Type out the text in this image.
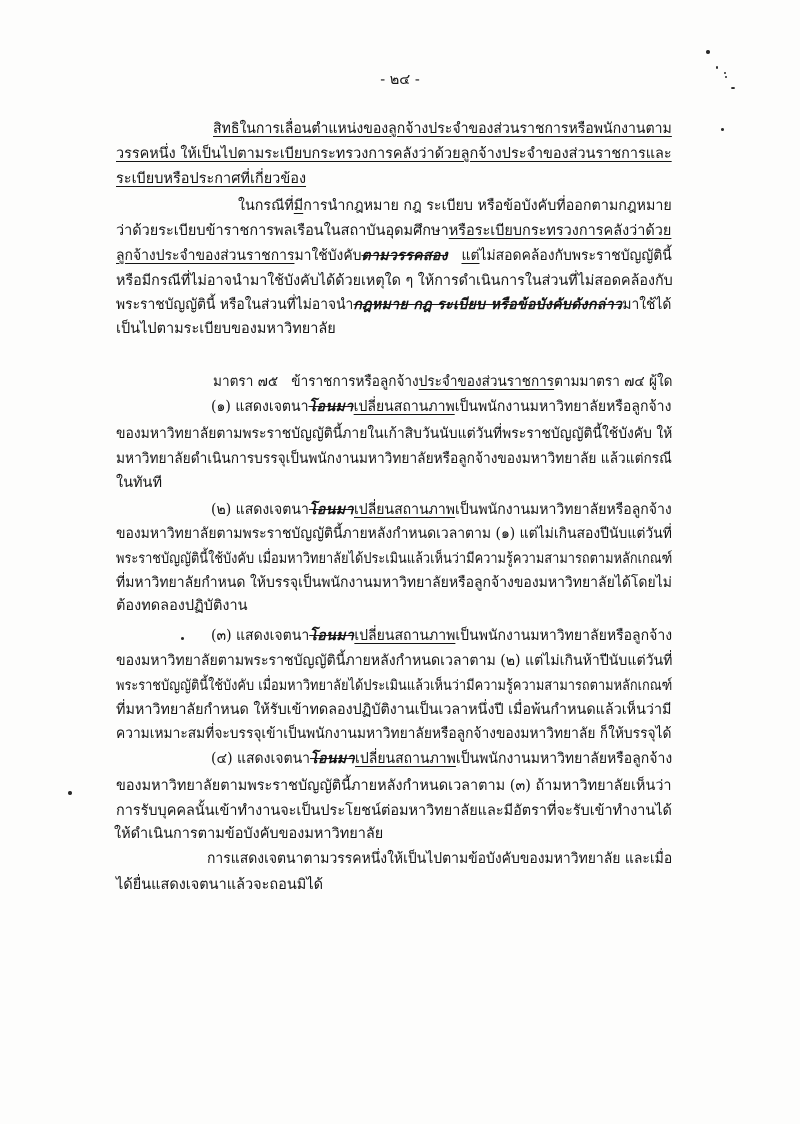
- ๒๔ -
สิทธิในการเลื่อนตำแหน่งของลูกจ้างประจำของส่วนราชการหรือพนักงานตาม
วรรคหนึ่ง ให้เป็นไปตามระเบียบกระทรวงการคลังว่าด้วยลูกจ้างประจำของส่วนราชการและ
ระเบียบหรือประกาศที่เกี่ยวข้อง
ในกรณีที่มีการนำกฎหมาย กฎ ระเบียบ หรือข้อบังคับที่ออกตามกฎหมาย
ว่าด้วยระเบียบข้าราชการพลเรือนในสถาบันอุดมศึกษาหรือระเบียบกระทรวงการคลังว่าด้วย
ลูกจ้างประจำของส่วนราชการมาใช้บังคับตามวรรคสอง แต่ไม่สอดคล้องกับพระราชบัญญัตินี้
หรือมีกรณีที่ไม่อาจนำมาใช้บังคับได้ด้วยเหตุใด ๆ ให้การดำเนินการในส่วนที่ไม่สอดคล้องกับ
พระราชบัญญัตินี้ หรือในส่วนที่ไม่อาจนำกฎหมาย กฎ ระเบียบ หรือข้อบังคับดังกล่าวมาใช้ได้
เป็นไปตามระเบียบของมหาวิทยาลัย
มาตรา ๗๕ ข้าราชการหรือลูกจ้างประจำของส่วนราชการตามมาตรา ๗๔ ผู้ใด
(๑) แสดงเจตนาโอนมาเปลี่ยนสถานภาพเป็นพนักงานมหาวิทยาลัยหรือลูกจ้าง
ของมหาวิทยาลัยตามพระราชบัญญัตินี้ภายในเก้าสิบวันนับแต่วันที่พระราชบัญญัตินี้ใช้บังคับ ให้
มหาวิทยาลัยดำเนินการบรรจุเป็นพนักงานมหาวิทยาลัยหรือลูกจ้างของมหาวิทยาลัย แล้วแต่กรณี
ในทันที
(๒) แสดงเจตนาโอนมาเปลี่ยนสถานภาพเป็นพนักงานมหาวิทยาลัยหรือลูกจ้าง
ของมหาวิทยาลัยตามพระราชบัญญัตินี้ภายหลังกำหนดเวลาตาม (๑) แต่ไม่เกินสองปีนับแต่วันที่
พระราชบัญญัตินี้ใช้บังคับ เมื่อมหาวิทยาลัยได้ประเมินแล้วเห็นว่ามีความรู้ความสามารถตามหลักเกณฑ์
ที่มหาวิทยาลัยกำหนด ให้บรรจุเป็นพนักงานมหาวิทยาลัยหรือลูกจ้างของมหาวิทยาลัยได้โดยไม่
ต้องทดลองปฏิบัติงาน
(๓) แสดงเจตนาโอนมาเปลี่ยนสถานภาพเป็นพนักงานมหาวิทยาลัยหรือลูกจ้าง
ของมหาวิทยาลัยตามพระราชบัญญัตินี้ภายหลังกำหนดเวลาตาม (๒) แต่ไม่เกินห้าปีนับแต่วันที่
พระราชบัญญัตินี้ใช้บังคับ เมื่อมหาวิทยาลัยได้ประเมินแล้วเห็นว่ามีความรู้ความสามารถตามหลักเกณฑ์
ที่มหาวิทยาลัยกำหนด ให้รับเข้าทดลองปฏิบัติงานเป็นเวลาหนึ่งปี เมื่อพ้นกำหนดแล้วเห็นว่ามี
ความเหมาะสมที่จะบรรจุเข้าเป็นพนักงานมหาวิทยาลัยหรือลูกจ้างของมหาวิทยาลัย ก็ให้บรรจุได้
(๔) แสดงเจตนาโอนมาเปลี่ยนสถานภาพเป็นพนักงานมหาวิทยาลัยหรือลูกจ้าง
ของมหาวิทยาลัยตามพระราชบัญญัตินี้ภายหลังกำหนดเวลาตาม (๓) ถ้ามหาวิทยาลัยเห็นว่า
การรับบุคคลนั้นเข้าทำงานจะเป็นประโยชน์ต่อมหาวิทยาลัยและมีอัตราที่จะรับเข้าทำงานได้
ให้ดำเนินการตามข้อบังคับของมหาวิทยาลัย
การแสดงเจตนาตามวรรคหนึ่งให้เป็นไปตามข้อบังคับของมหาวิทยาลัย และเมื่อ
ได้ยื่นแสดงเจตนาแล้วจะถอนมิได้
